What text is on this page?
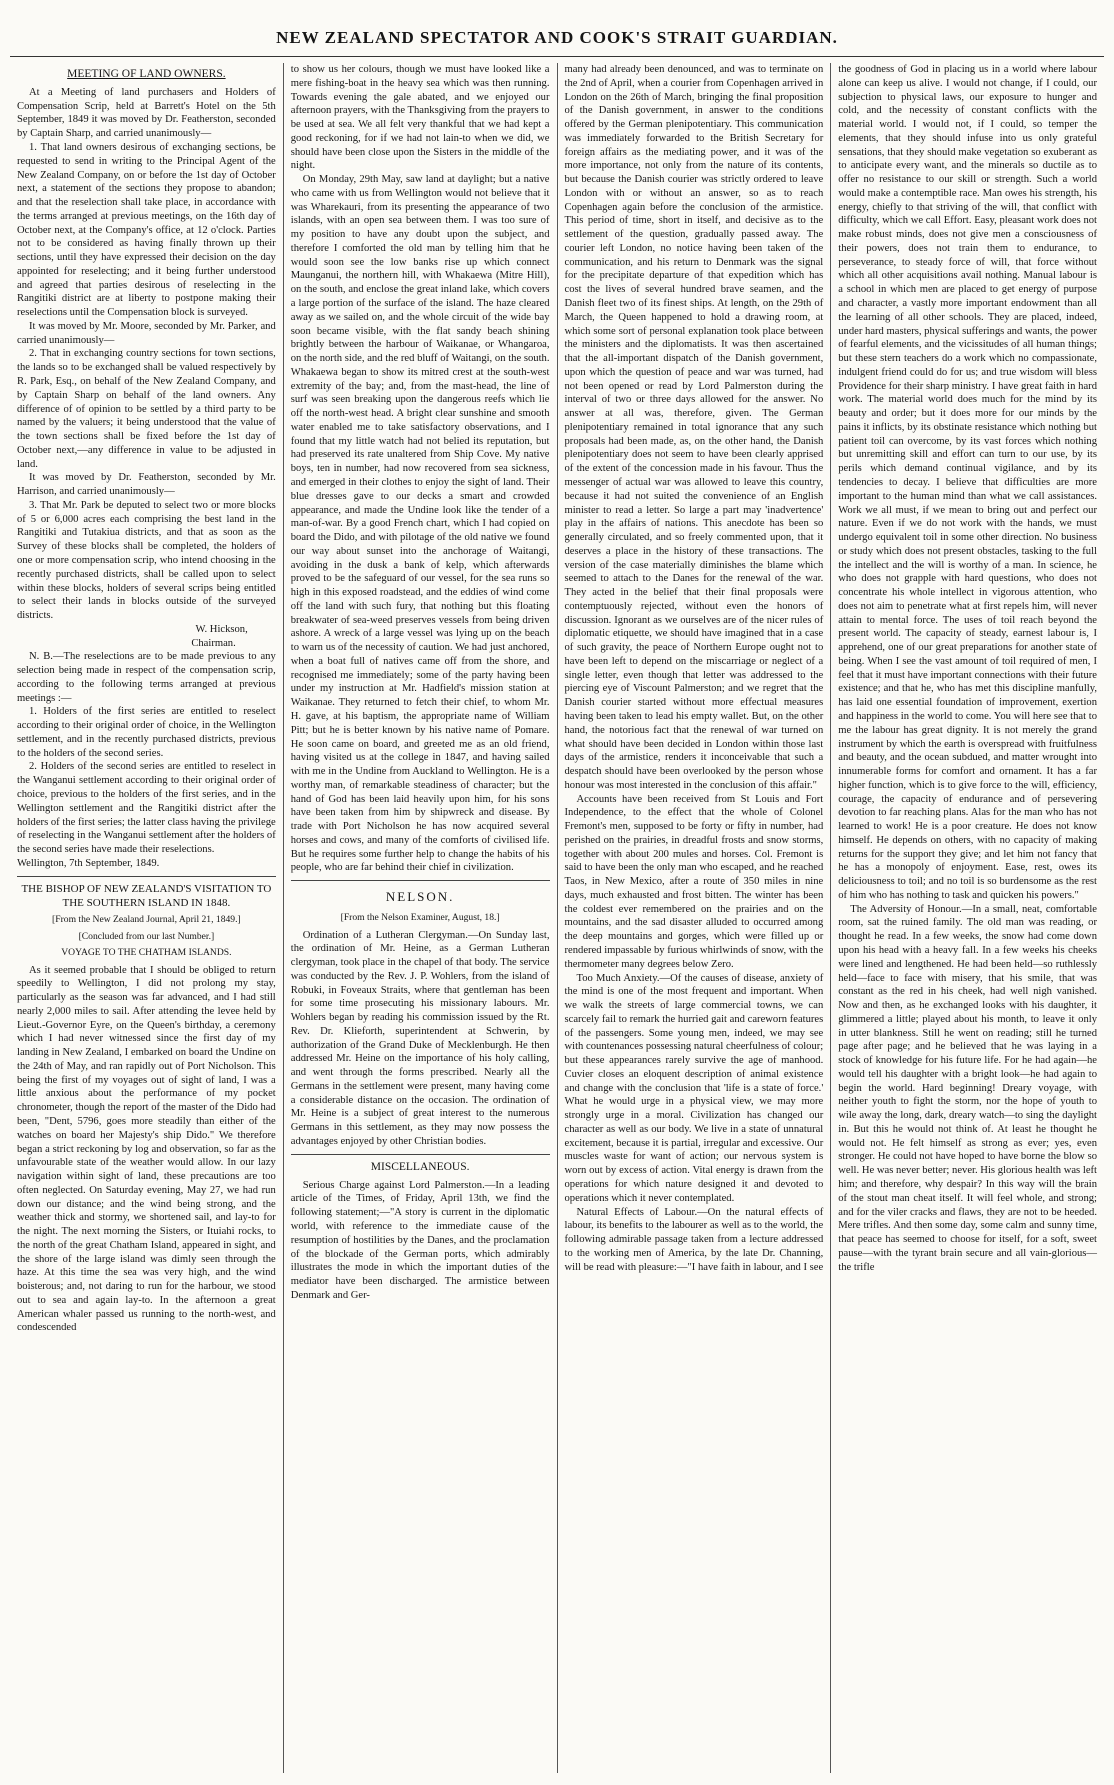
NEW ZEALAND SPECTATOR AND COOK'S STRAIT GUARDIAN.
MEETING OF LAND OWNERS.

At a Meeting of land purchasers and Holders of Compensation Scrip, held at Barrett's Hotel on the 5th September, 1849 it was moved by Dr. Featherston, seconded by Captain Sharp, and carried unanimously—

1. That land owners desirous of exchanging sections, be requested to send in writing to the Principal Agent of the New Zealand Company, on or before the 1st day of October next, a statement of the sections they propose to abandon; and that the reselection shall take place, in accordance with the terms arranged at previous meetings, on the 16th day of October next, at the Company's office, at 12 o'clock. Parties not to be considered as having finally thrown up their sections, until they have expressed their decision on the day appointed for reselecting; and it being further understood and agreed that parties desirous of reselecting in the Rangitiki district are at liberty to postpone making their reselections until the Compensation block is surveyed.

It was moved by Mr. Moore, seconded by Mr. Parker, and carried unanimously—

2. That in exchanging country sections for town sections, the lands so to be exchanged shall be valued respectively by R. Park, Esq., on behalf of the New Zealand Company, and by Captain Sharp on behalf of the land owners. Any difference of of opinion to be settled by a third party to be named by the valuers; it being understood that the value of the town sections shall be fixed before the 1st day of October next,—any difference in value to be adjusted in land.

It was moved by Dr. Featherston, seconded by Mr. Harrison, and carried unanimously—

3. That Mr. Park be deputed to select two or more blocks of 5 or 6,000 acres each comprising the best land in the Rangitiki and Tutakiua districts, and that as soon as the Survey of these blocks shall be completed, the holders of one or more compensation scrip, who intend choosing in the recently purchased districts, shall be called upon to select within these blocks, holders of several scrips being entitled to select their lands in blocks outside of the surveyed districts.

W. Hickson,
Chairman.

N. B.—The reselections are to be made previous to any selection being made in respect of the compensation scrip, according to the following terms arranged at previous meetings :—

1. Holders of the first series are entitled to reselect according to their original order of choice, in the Wellington settlement, and in the recently purchased districts, previous to the holders of the second series.

2. Holders of the second series are entitled to reselect in the Wanganui settlement according to their original order of choice, previous to the holders of the first series, and in the Wellington settlement and the Rangitiki district after the holders of the first series; the latter class having the privilege of reselecting in the Wanganui settlement after the holders of the second series have made their reselections.

Wellington, 7th September, 1849.

THE BISHOP OF NEW ZEALAND'S VISITATION TO THE SOUTHERN ISLAND IN 1848.
[From the New Zealand Journal, April 21, 1849.]
[Concluded from our last Number.]
VOYAGE TO THE CHATHAM ISLANDS.

As it seemed probable that I should be obliged to return speedily to Wellington, I did not prolong my stay, particularly as the season was far advanced, and I had still nearly 2,000 miles to sail. After attending the levee held by Lieut.-Governor Eyre, on the Queen's birthday, a ceremony which I had never witnessed since the first day of my landing in New Zealand, I embarked on board the Undine on the 24th of May, and ran rapidly out of Port Nicholson. This being the first of my voyages out of sight of land, I was a little anxious about the performance of my pocket chronometer, though the report of the master of the Dido had been, "Dent, 5796, goes more steadily than either of the watches on board her Majesty's ship Dido." We therefore began a strict reckoning by log and observation, so far as the unfavourable state of the weather would allow. In our lazy navigation within sight of land, these precautions are too often neglected. On Saturday evening, May 27, we had run down our distance; and the wind being strong, and the weather thick and stormy, we shortened sail, and lay-to for the night. The next morning the Sisters, or Ituiahi rocks, to the north of the great Chatham Island, appeared in sight, and the shore of the large island was dimly seen through the haze. At this time the sea was very high, and the wind boisterous; and, not daring to run for the harbour, we stood out to sea and again lay-to. In the afternoon a great American whaler passed us running to the north-west, and condescended

to show us her colours, though we must have looked like a mere fishing-boat in the heavy sea which was then running. Towards evening the gale abated, and we enjoyed our afternoon prayers, with the Thanksgiving from the prayers to be used at sea. We all felt very thankful that we had kept a good reckoning, for if we had not lain-to when we did, we should have been close upon the Sisters in the middle of the night.

On Monday, 29th May, saw land at daylight; but a native who came with us from Wellington would not believe that it was Wharekauri, from its presenting the appearance of two islands, with an open sea between them. I was too sure of my position to have any doubt upon the subject, and therefore I comforted the old man by telling him that he would soon see the low banks rise up which connect Maunganui, the northern hill, with Whakaewa (Mitre Hill), on the south, and enclose the great inland lake, which covers a large portion of the surface of the island. The haze cleared away as we sailed on, and the whole circuit of the wide bay soon became visible, with the flat sandy beach shining brightly between the harbour of Waikanae, or Whangaroa, on the north side, and the red bluff of Waitangi, on the south. Whakaewa began to show its mitred crest at the south-west extremity of the bay; and, from the mast-head, the line of surf was seen breaking upon the dangerous reefs which lie off the north-west head. A bright clear sunshine and smooth water enabled me to take satisfactory observations, and I found that my little watch had not belied its reputation, but had preserved its rate unaltered from Ship Cove. My native boys, ten in number, had now recovered from sea sickness, and emerged in their clothes to enjoy the sight of land. Their blue dresses gave to our decks a smart and crowded appearance, and made the Undine look like the tender of a man-of-war. By a good French chart, which I had copied on board the Dido, and with pilotage of the old native we found our way about sunset into the anchorage of Waitangi, avoiding in the dusk a bank of kelp, which afterwards proved to be the safeguard of our vessel, for the sea runs so high in this exposed roadstead, and the eddies of wind come off the land with such fury, that nothing but this floating breakwater of sea-weed preserves vessels from being driven ashore. A wreck of a large vessel was lying up on the beach to warn us of the necessity of caution. We had just anchored, when a boat full of natives came off from the shore, and recognised me immediately; some of the party having been under my instruction at Mr. Hadfield's mission station at Waikanae. They returned to fetch their chief, to whom Mr. H. gave, at his baptism, the appropriate name of William Pitt; but he is better known by his native name of Pomare. He soon came on board, and greeted me as an old friend, having visited us at the college in 1847, and having sailed with me in the Undine from Auckland to Wellington. He is a worthy man, of remarkable steadiness of character; but the hand of God has been laid heavily upon him, for his sons have been taken from him by shipwreck and disease. By trade with Port Nicholson he has now acquired several horses and cows, and many of the comforts of civilised life. But he requires some further help to change the habits of his people, who are far behind their chief in civilization.

NELSON.
[From the Nelson Examiner, August, 18.]

Ordination of a Lutheran Clergyman.—On Sunday last, the ordination of Mr. Heine, as a German Lutheran clergyman, took place in the chapel of that body. The service was conducted by the Rev. J. P. Wohlers, from the island of Robuki, in Foveaux Straits, where that gentleman has been for some time prosecuting his missionary labours. Mr. Wohlers began by reading his commission issued by the Rt. Rev. Dr. Klieforth, superintendent at Schwerin, by authorization of the Grand Duke of Mecklenburgh. He then addressed Mr. Heine on the importance of his holy calling, and went through the forms prescribed. Nearly all the Germans in the settlement were present, many having come a considerable distance on the occasion. The ordination of Mr. Heine is a subject of great interest to the numerous Germans in this settlement, as they may now possess the advantages enjoyed by other Christian bodies.

MISCELLANEOUS.

Serious Charge against Lord Palmerston.—In a leading article of the Times, of Friday, April 13th, we find the following statement;—"A story is current in the diplomatic world, with reference to the immediate cause of the resumption of hostilities by the Danes, and the proclamation of the blockade of the German ports, which admirably illustrates the mode in which the important duties of the mediator have been discharged. The armistice between Denmark and Ger-

many had already been denounced, and was to terminate on the 2nd of April, when a courier from Copenhagen arrived in London on the 26th of March, bringing the final proposition of the Danish government, in answer to the conditions offered by the German plenipotentiary. This communication was immediately forwarded to the British Secretary for foreign affairs as the mediating power, and it was of the more importance, not only from the nature of its contents, but because the Danish courier was strictly ordered to leave London with or without an answer, so as to reach Copenhagen again before the conclusion of the armistice. This period of time, short in itself, and decisive as to the settlement of the question, gradually passed away. The courier left London, no notice having been taken of the communication, and his return to Denmark was the signal for the precipitate departure of that expedition which has cost the lives of several hundred brave seamen, and the Danish fleet two of its finest ships. At length, on the 29th of March, the Queen happened to hold a drawing room, at which some sort of personal explanation took place between the ministers and the diplomatists. It was then ascertained that the all-important dispatch of the Danish government, upon which the question of peace and war was turned, had not been opened or read by Lord Palmerston during the interval of two or three days allowed for the answer. No answer at all was, therefore, given. The German plenipotentiary remained in total ignorance that any such proposals had been made, as, on the other hand, the Danish plenipotentiary does not seem to have been clearly apprised of the extent of the concession made in his favour. Thus the messenger of actual war was allowed to leave this country, because it had not suited the convenience of an English minister to read a letter. So large a part may 'inadvertence' play in the affairs of nations. This anecdote has been so generally circulated, and so freely commented upon, that it deserves a place in the history of these transactions. The version of the case materially diminishes the blame which seemed to attach to the Danes for the renewal of the war. They acted in the belief that their final proposals were contemptuously rejected, without even the honors of discussion. Ignorant as we ourselves are of the nicer rules of diplomatic etiquette, we should have imagined that in a case of such gravity, the peace of Northern Europe ought not to have been left to depend on the miscarriage or neglect of a single letter, even though that letter was addressed to the piercing eye of Viscount Palmerston; and we regret that the Danish courier started without more effectual measures having been taken to lead his empty wallet. But, on the other hand, the notorious fact that the renewal of war turned on what should have been decided in London within those last days of the armistice, renders it inconceivable that such a despatch should have been overlooked by the person whose honour was most interested in the conclusion of this affair."

Accounts have been received from St Louis and Fort Independence, to the effect that the whole of Colonel Fremont's men, supposed to be forty or fifty in number, had perished on the prairies, in dreadful frosts and snow storms, together with about 200 mules and horses. Col. Fremont is said to have been the only man who escaped, and he reached Taos, in New Mexico, after a route of 350 miles in nine days, much exhausted and frost bitten. The winter has been the coldest ever remembered on the prairies and on the mountains, and the sad disaster alluded to occurred among the deep mountains and gorges, which were filled up or rendered impassable by furious whirlwinds of snow, with the thermometer many degrees below Zero.

Too Much Anxiety.—Of the causes of disease, anxiety of the mind is one of the most frequent and important. When we walk the streets of large commercial towns, we can scarcely fail to remark the hurried gait and careworn features of the passengers. Some young men, indeed, we may see with countenances possessing natural cheerfulness of colour; but these appearances rarely survive the age of manhood. Cuvier closes an eloquent description of animal existence and change with the conclusion that 'life is a state of force.' What he would urge in a physical view, we may more strongly urge in a moral. Civilization has changed our character as well as our body. We live in a state of unnatural excitement, because it is partial, irregular and excessive. Our muscles waste for want of action; our nervous system is worn out by excess of action. Vital energy is drawn from the operations for which nature designed it and devoted to operations which it never contemplated.

Natural Effects of Labour.—On the natural effects of labour, its benefits to the labourer as well as to the world, the following admirable passage taken from a lecture addressed to the working men of America, by the late Dr. Channing, will be read with pleasure:—"I have faith in labour, and I see

the goodness of God in placing us in a world where labour alone can keep us alive. I would not change, if I could, our subjection to physical laws, our exposure to hunger and cold, and the necessity of constant conflicts with the material world. I would not, if I could, so temper the elements, that they should infuse into us only grateful sensations, that they should make vegetation so exuberant as to anticipate every want, and the minerals so ductile as to offer no resistance to our skill or strength. Such a world would make a contemptible race. Man owes his strength, his energy, chiefly to that striving of the will, that conflict with difficulty, which we call Effort. Easy, pleasant work does not make robust minds, does not give men a consciousness of their powers, does not train them to endurance, to perseverance, to steady force of will, that force without which all other acquisitions avail nothing. Manual labour is a school in which men are placed to get energy of purpose and character, a vastly more important endowment than all the learning of all other schools. They are placed, indeed, under hard masters, physical sufferings and wants, the power of fearful elements, and the vicissitudes of all human things; but these stern teachers do a work which no compassionate, indulgent friend could do for us; and true wisdom will bless Providence for their sharp ministry. I have great faith in hard work. The material world does much for the mind by its beauty and order; but it does more for our minds by the pains it inflicts, by its obstinate resistance which nothing but patient toil can overcome, by its vast forces which nothing but unremitting skill and effort can turn to our use, by its perils which demand continual vigilance, and by its tendencies to decay. I believe that difficulties are more important to the human mind than what we call assistances. Work we all must, if we mean to bring out and perfect our nature. Even if we do not work with the hands, we must undergo equivalent toil in some other direction. No business or study which does not present obstacles, tasking to the full the intellect and the will is worthy of a man. In science, he who does not grapple with hard questions, who does not concentrate his whole intellect in vigorous attention, who does not aim to penetrate what at first repels him, will never attain to mental force. The uses of toil reach beyond the present world. The capacity of steady, earnest labour is, I apprehend, one of our great preparations for another state of being. When I see the vast amount of toil required of men, I feel that it must have important connections with their future existence; and that he, who has met this discipline manfully, has laid one essential foundation of improvement, exertion and happiness in the world to come. You will here see that to me the labour has great dignity. It is not merely the grand instrument by which the earth is overspread with fruitfulness and beauty, and the ocean subdued, and matter wrought into innumerable forms for comfort and ornament. It has a far higher function, which is to give force to the will, efficiency, courage, the capacity of endurance and of persevering devotion to far reaching plans. Alas for the man who has not learned to work! He is a poor creature. He does not know himself. He depends on others, with no capacity of making returns for the support they give; and let him not fancy that he has a monopoly of enjoyment. Ease, rest, owes its deliciousness to toil; and no toil is so burdensome as the rest of him who has nothing to task and quicken his powers."

The Adversity of Honour.—In a small, neat, comfortable room, sat the ruined family. The old man was reading, or thought he read. In a few weeks, the snow had come down upon his head with a heavy fall. In a few weeks his cheeks were lined and lengthened. He had been held—so ruthlessly held—face to face with misery, that his smile, that was constant as the red in his cheek, had well nigh vanished. Now and then, as he exchanged looks with his daughter, it glimmered a little; played about his month, to leave it only in utter blankness. Still he went on reading; still he turned page after page; and he believed that he was laying in a stock of knowledge for his future life. For he had again—he would tell his daughter with a bright look—he had again to begin the world. Hard beginning! Dreary voyage, with neither youth to fight the storm, nor the hope of youth to wile away the long, dark, dreary watch—to sing the daylight in. But this he would not think of. At least he thought he would not. He felt himself as strong as ever; yes, even stronger. He could not have hoped to have borne the blow so well. He was never better; never. His glorious health was left him; and therefore, why despair? In this way will the brain of the stout man cheat itself. It will feel whole, and strong; and for the viler cracks and flaws, they are not to be heeded. Mere trifles. And then some day, some calm and sunny time, that peace has seemed to choose for itself, for a soft, sweet pause—with the tyrant brain secure and all vain-glorious—the trifle
